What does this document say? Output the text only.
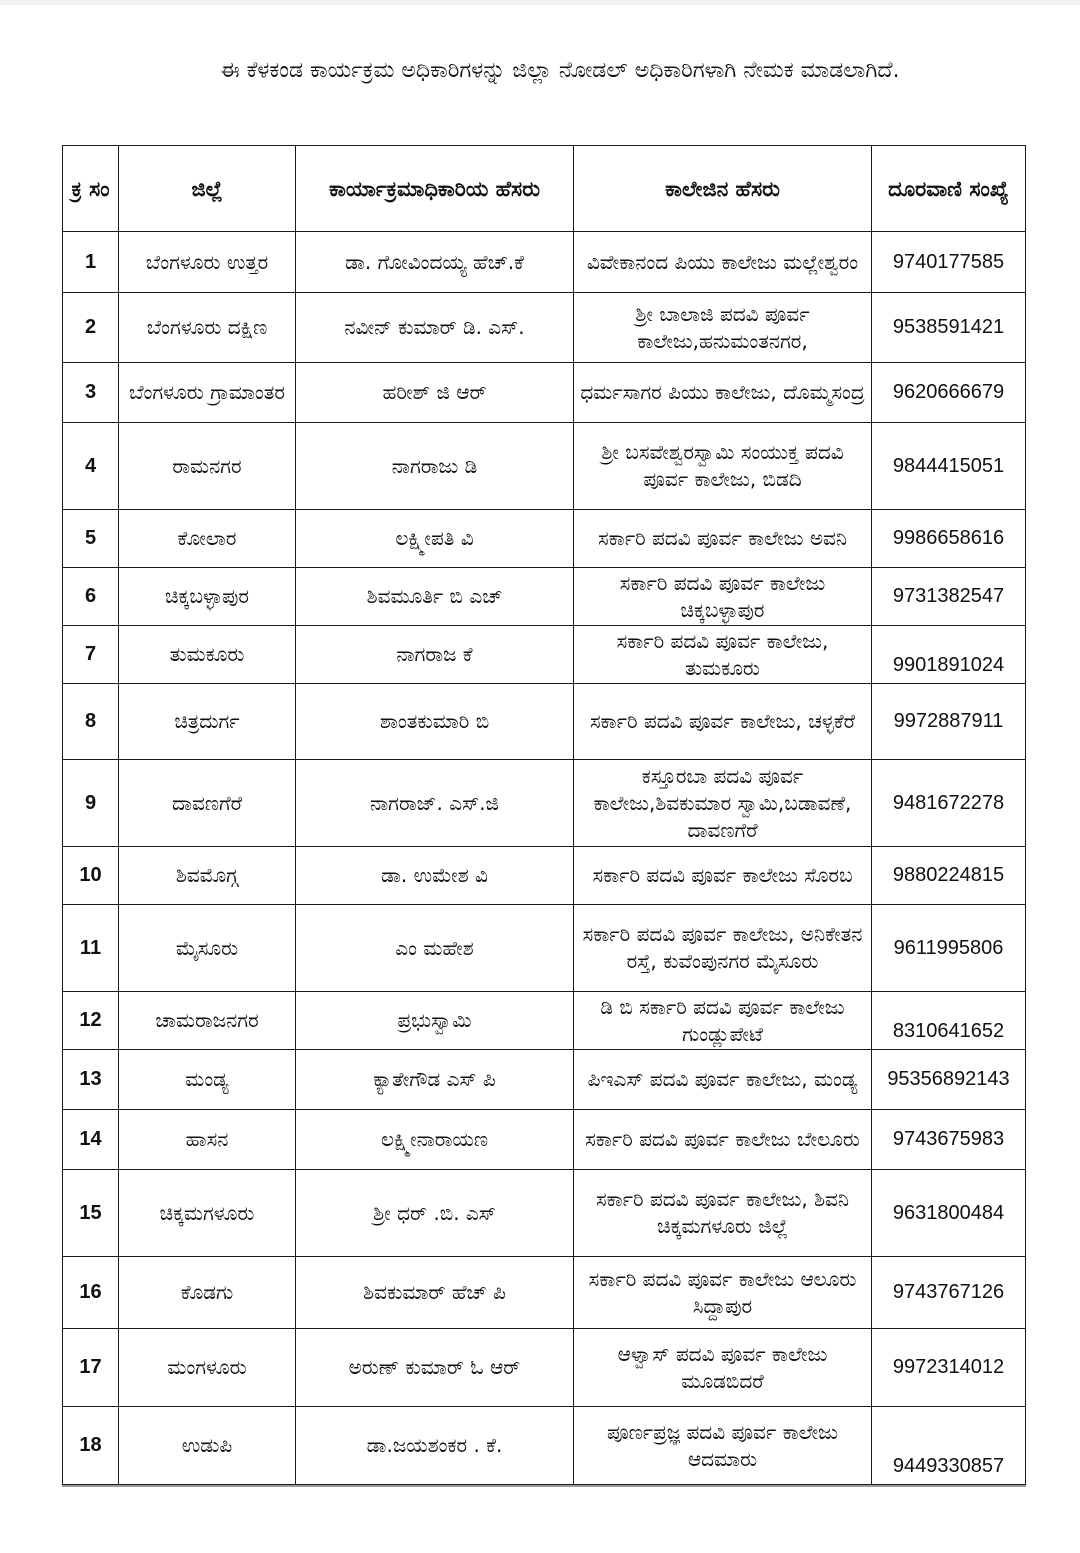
ಈ ಕೆಳಕಂಡ ಕಾರ್ಯಕ್ರಮ ಅಧಿಕಾರಿಗಳನ್ನು ಜಿಲ್ಲಾ ನೋಡಲ್ ಅಧಿಕಾರಿಗಳಾಗಿ ನೇಮಕ ಮಾಡಲಾಗಿದೆ.
ಕ್ರ ಸಂ	ಜಿಲ್ಲೆ	ಕಾರ್ಯಾಕ್ರಮಾಧಿಕಾರಿಯ ಹೆಸರು	ಕಾಲೇಜಿನ ಹೆಸರು	ದೂರವಾಣಿ ಸಂಖ್ಯೆ
1	ಬೆಂಗಳೂರು ಉತ್ತರ	ಡಾ. ಗೋವಿಂದಯ್ಯ ಹೆಚ್.ಕೆ	ವಿವೇಕಾನಂದ ಪಿಯು ಕಾಲೇಜು ಮಲ್ಲೇಶ್ವರಂ	9740177585
2	ಬೆಂಗಳೂರು ದಕ್ಷಿಣ	ನವೀನ್ ಕುಮಾರ್ ಡಿ. ಎಸ್.	ಶ್ರೀ ಬಾಲಾಜಿ ಪದವಿ ಪೂರ್ವ ಕಾಲೇಜು,ಹನುಮಂತನಗರ,	9538591421
3	ಬೆಂಗಳೂರು ಗ್ರಾಮಾಂತರ	ಹರೀಶ್ ಜಿ ಆರ್	ಧರ್ಮಸಾಗರ ಪಿಯು ಕಾಲೇಜು, ದೊಮ್ಮಸಂದ್ರ	9620666679
4	ರಾಮನಗರ	ನಾಗರಾಜು ಡಿ	ಶ್ರೀ ಬಸವೇಶ್ವರಸ್ವಾಮಿ ಸಂಯುಕ್ತ ಪದವಿ ಪೂರ್ವ ಕಾಲೇಜು, ಬಿಡದಿ	9844415051
5	ಕೋಲಾರ	ಲಕ್ಷ್ಮೀಪತಿ ವಿ	ಸರ್ಕಾರಿ ಪದವಿ ಪೂರ್ವ ಕಾಲೇಜು ಅವನಿ	9986658616
6	ಚಿಕ್ಕಬಳ್ಳಾಪುರ	ಶಿವಮೂರ್ತಿ ಬಿ ಎಚ್	ಸರ್ಕಾರಿ ಪದವಿ ಪೂರ್ವ ಕಾಲೇಜು ಚಿಕ್ಕಬಳ್ಳಾಪುರ	9731382547
7	ತುಮಕೂರು	ನಾಗರಾಜ ಕೆ	ಸರ್ಕಾರಿ ಪದವಿ ಪೂರ್ವ ಕಾಲೇಜು, ತುಮಕೂರು	9901891024
8	ಚಿತ್ರದುರ್ಗ	ಶಾಂತಕುಮಾರಿ ಬಿ	ಸರ್ಕಾರಿ ಪದವಿ ಪೂರ್ವ ಕಾಲೇಜು, ಚಳ್ಳಕೆರೆ	9972887911
9	ದಾವಣಗೆರೆ	ನಾಗರಾಜ್. ಎಸ್.ಜಿ	ಕಸ್ತೂರಬಾ ಪದವಿ ಪೂರ್ವ ಕಾಲೇಜು,ಶಿವಕುಮಾರ ಸ್ವಾಮಿ,ಬಡಾವಣೆ, ದಾವಣಗೆರೆ	9481672278
10	ಶಿವಮೊಗ್ಗ	ಡಾ. ಉಮೇಶ ವಿ	ಸರ್ಕಾರಿ ಪದವಿ ಪೂರ್ವ ಕಾಲೇಜು ಸೊರಬ	9880224815
11	ಮೈಸೂರು	ಎಂ ಮಹೇಶ	ಸರ್ಕಾರಿ ಪದವಿ ಪೂರ್ವ ಕಾಲೇಜು, ಅನಿಕೇತನ ರಸ್ತೆ, ಕುವೆಂಪುನಗರ ಮೈಸೂರು	9611995806
12	ಚಾಮರಾಜನಗರ	ಪ್ರಭುಸ್ವಾಮಿ	ಡಿ ಬಿ ಸರ್ಕಾರಿ ಪದವಿ ಪೂರ್ವ ಕಾಲೇಜು ಗುಂಡ್ಲುಪೇಟೆ	8310641652
13	ಮಂಡ್ಯ	ಕ್ಯಾತೇಗೌಡ ಎಸ್ ಪಿ	ಪಿಇಎಸ್ ಪದವಿ ಪೂರ್ವ ಕಾಲೇಜು, ಮಂಡ್ಯ	95356892143
14	ಹಾಸನ	ಲಕ್ಷ್ಮೀನಾರಾಯಣ	ಸರ್ಕಾರಿ ಪದವಿ ಪೂರ್ವ ಕಾಲೇಜು ಬೇಲೂರು	9743675983
15	ಚಿಕ್ಕಮಗಳೂರು	ಶ್ರೀ ಧರ್ .ಬಿ. ಎಸ್	ಸರ್ಕಾರಿ ಪದವಿ ಪೂರ್ವ ಕಾಲೇಜು, ಶಿವನಿ ಚಿಕ್ಕಮಗಳೂರು ಜಿಲ್ಲೆ	9631800484
16	ಕೊಡಗು	ಶಿವಕುಮಾರ್ ಹೆಚ್ ಪಿ	ಸರ್ಕಾರಿ ಪದವಿ ಪೂರ್ವ ಕಾಲೇಜು ಆಲೂರು ಸಿದ್ದಾಪುರ	9743767126
17	ಮಂಗಳೂರು	ಅರುಣ್ ಕುಮಾರ್ ಓ ಆರ್	ಆಳ್ವಾಸ್ ಪದವಿ ಪೂರ್ವ ಕಾಲೇಜು ಮೂಡಬಿದರೆ	9972314012
18	ಉಡುಪಿ	ಡಾ.ಜಯಶಂಕರ . ಕೆ.	ಪೂರ್ಣಪ್ರಜ್ಞ ಪದವಿ ಪೂರ್ವ ಕಾಲೇಜು ಆದಮಾರು	9449330857
